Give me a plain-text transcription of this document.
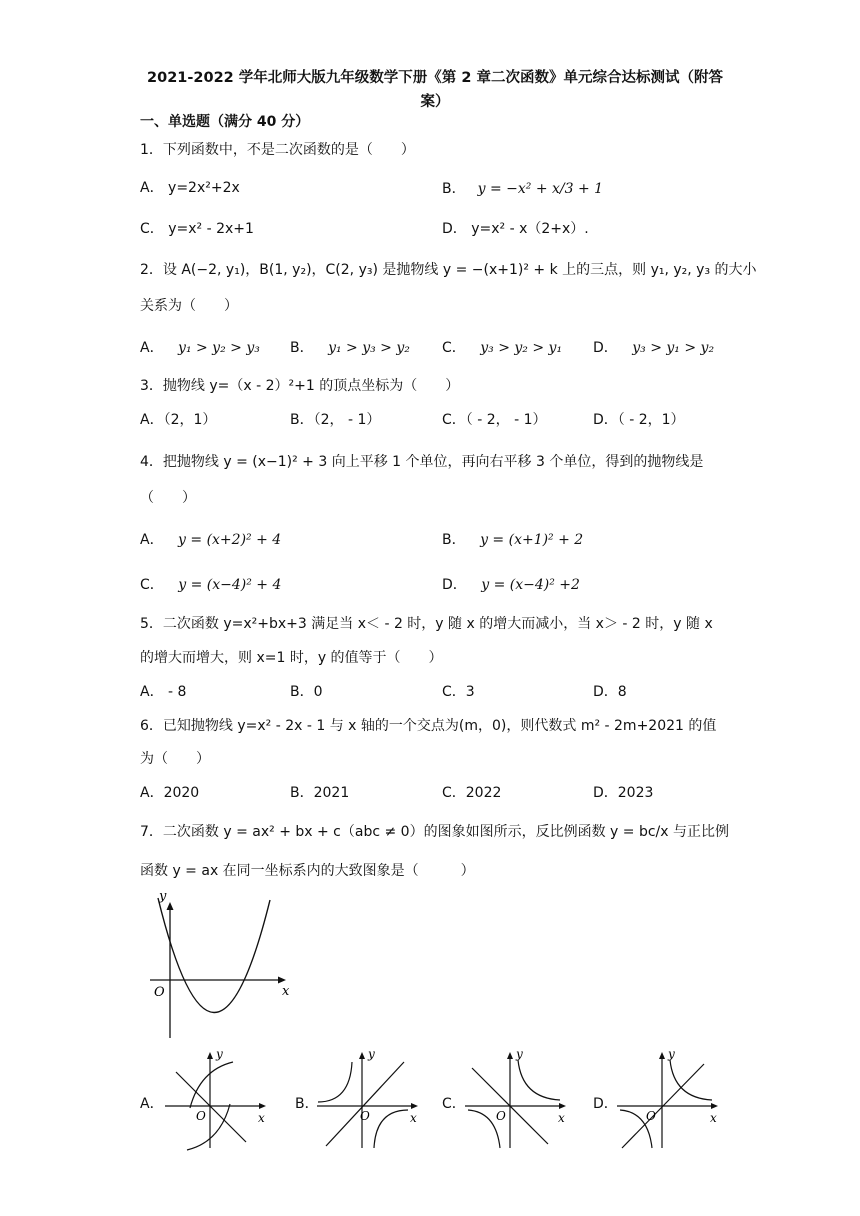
2021-2022 学年北师大版九年级数学下册《第 2 章二次函数》单元综合达标测试（附答
案）
一、单选题（满分 40 分）
1．下列函数中，不是二次函数的是（　　）
A． y=2x²+2x	B． y = −x² + x/3 + 1
C． y=x² - 2x+1	D． y=x² - x（2+x）.
2．设 A(−2, y₁)，B(1, y₂)，C(2, y₃) 是抛物线 y = −(x+1)² + k 上的三点，则 y₁, y₂, y₃ 的大小
关系为（　　）
A． y₁ > y₂ > y₃ B． y₁ > y₃ > y₂ C． y₃ > y₂ > y₁ D． y₃ > y₁ > y₂
3．抛物线 y=（x - 2）²+1 的顶点坐标为（　　）
A．（2，1）	B．（2， - 1）	C．（ - 2， - 1）	D．（ - 2，1）
4．把抛物线 y = (x−1)² + 3 向上平移 1 个单位，再向右平移 3 个单位，得到的抛物线是
（　　）
A． y = (x+2)² + 4	B． y = (x+1)² + 2
C． y = (x−4)² + 4	D． y = (x−4)² +2
5．二次函数 y=x²+bx+3 满足当 x＜ - 2 时，y 随 x 的增大而减小，当 x＞ - 2 时，y 随 x
的增大而增大，则 x=1 时，y 的值等于（　　）
A． - 8	B．0	C．3	D．8
6．已知抛物线 y=x² - 2x - 1 与 x 轴的一个交点为(m，0)，则代数式 m² - 2m+2021 的值
为（　　）
A．2020	B．2021	C．2022	D．2023
7．二次函数 y = ax² + bx + c（abc ≠ 0）的图象如图所示，反比例函数 y = bc/x 与正比例
函数 y = ax 在同一坐标系内的大致图象是（　　　）
y
x
O
A．
y
x
O
B．
y
x
O
C．
y
x
O
D．
y
x
O
